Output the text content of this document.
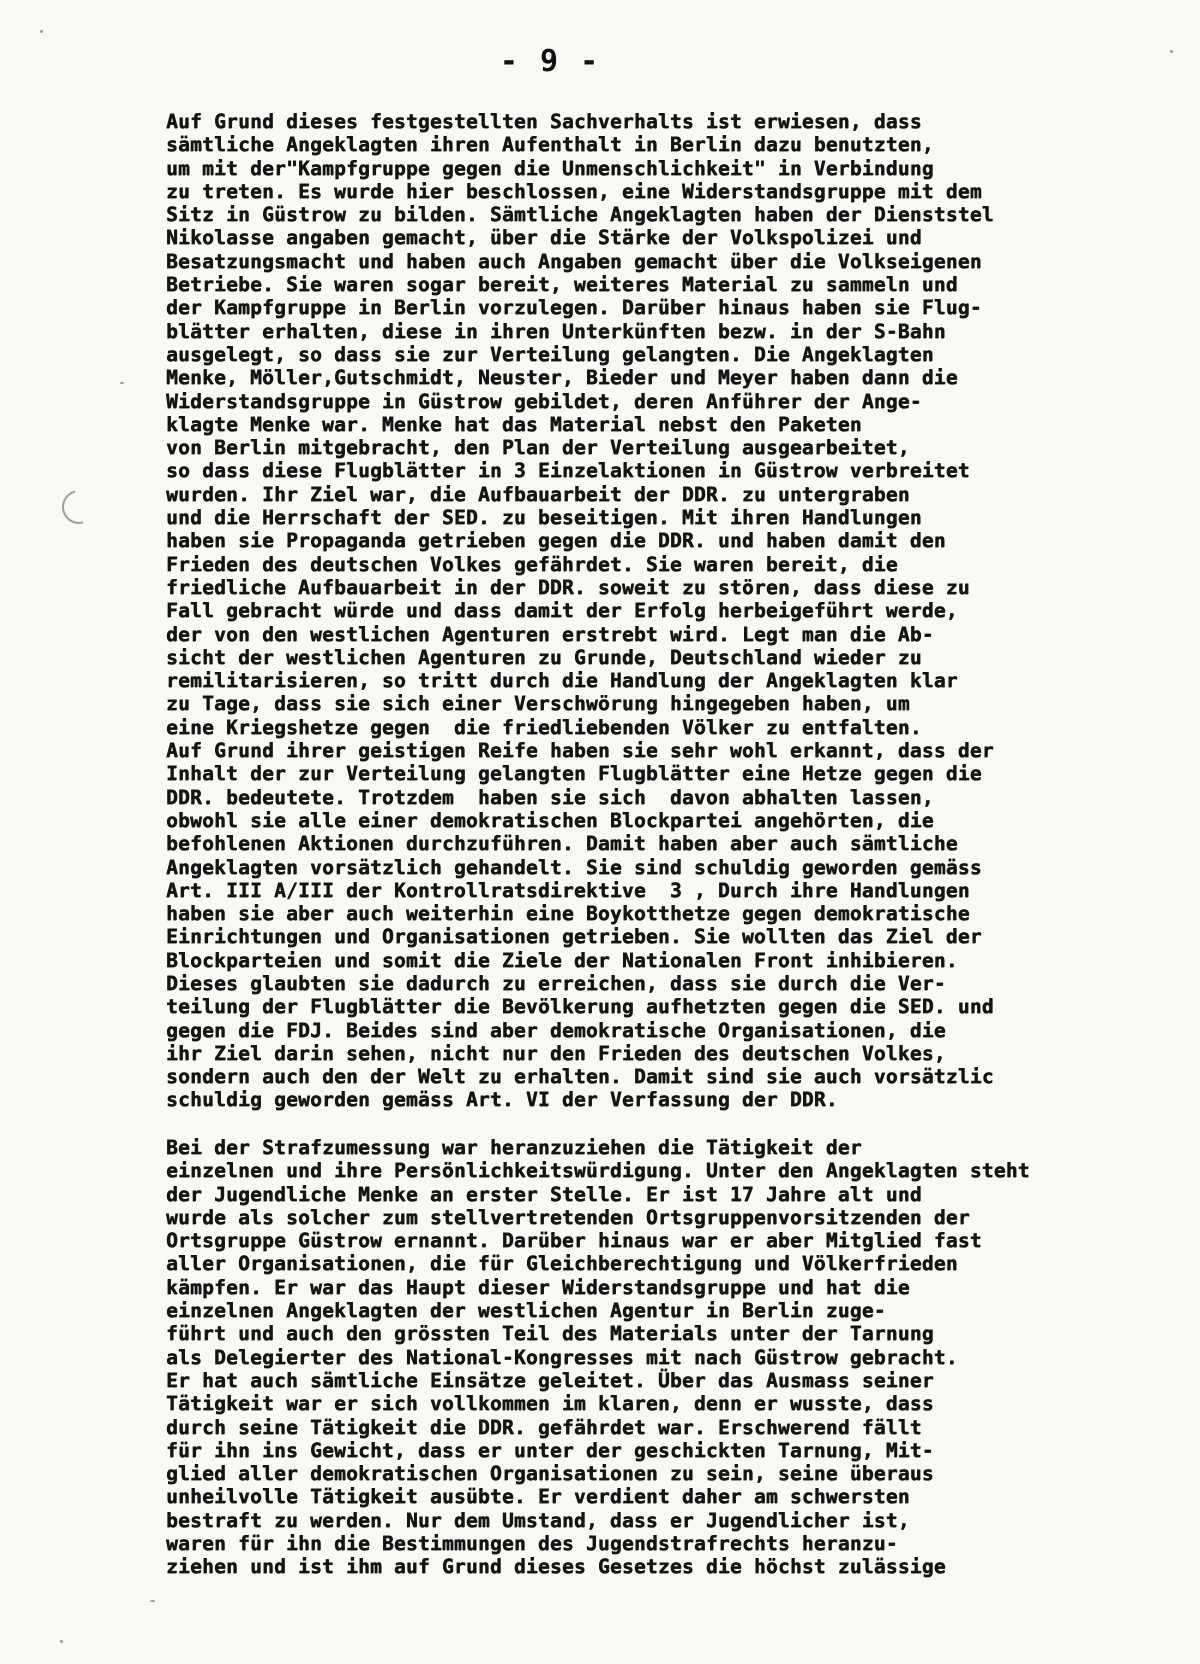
- 9 -
Auf Grund dieses festgestellten Sachverhalts ist erwiesen, dass
sämtliche Angeklagten ihren Aufenthalt in Berlin dazu benutzten,
um mit der"Kampfgruppe gegen die Unmenschlichkeit" in Verbindung
zu treten. Es wurde hier beschlossen, eine Widerstandsgruppe mit dem
Sitz in Güstrow zu bilden. Sämtliche Angeklagten haben der Dienststel
Nikolasse angaben gemacht, über die Stärke der Volkspolizei und
Besatzungsmacht und haben auch Angaben gemacht über die Volkseigenen
Betriebe. Sie waren sogar bereit, weiteres Material zu sammeln und
der Kampfgruppe in Berlin vorzulegen. Darüber hinaus haben sie Flug-
blätter erhalten, diese in ihren Unterkünften bezw. in der S-Bahn
ausgelegt, so dass sie zur Verteilung gelangten. Die Angeklagten
Menke, Möller,Gutschmidt, Neuster, Bieder und Meyer haben dann die
Widerstandsgruppe in Güstrow gebildet, deren Anführer der Ange-
klagte Menke war. Menke hat das Material nebst den Paketen
von Berlin mitgebracht, den Plan der Verteilung ausgearbeitet,
so dass diese Flugblätter in 3 Einzelaktionen in Güstrow verbreitet
wurden. Ihr Ziel war, die Aufbauarbeit der DDR. zu untergraben
und die Herrschaft der SED. zu beseitigen. Mit ihren Handlungen
haben sie Propaganda getrieben gegen die DDR. und haben damit den
Frieden des deutschen Volkes gefährdet. Sie waren bereit, die
friedliche Aufbauarbeit in der DDR. soweit zu stören, dass diese zu
Fall gebracht würde und dass damit der Erfolg herbeigeführt werde,
der von den westlichen Agenturen erstrebt wird. Legt man die Ab-
sicht der westlichen Agenturen zu Grunde, Deutschland wieder zu
remilitarisieren, so tritt durch die Handlung der Angeklagten klar
zu Tage, dass sie sich einer Verschwörung hingegeben haben, um
eine Kriegshetze gegen  die friedliebenden Völker zu entfalten.
Auf Grund ihrer geistigen Reife haben sie sehr wohl erkannt, dass der
Inhalt der zur Verteilung gelangten Flugblätter eine Hetze gegen die
DDR. bedeutete. Trotzdem  haben sie sich  davon abhalten lassen,
obwohl sie alle einer demokratischen Blockpartei angehörten, die
befohlenen Aktionen durchzuführen. Damit haben aber auch sämtliche
Angeklagten vorsätzlich gehandelt. Sie sind schuldig geworden gemäss
Art. III A/III der Kontrollratsdirektive  3 , Durch ihre Handlungen
haben sie aber auch weiterhin eine Boykotthetze gegen demokratische
Einrichtungen und Organisationen getrieben. Sie wollten das Ziel der
Blockparteien und somit die Ziele der Nationalen Front inhibieren.
Dieses glaubten sie dadurch zu erreichen, dass sie durch die Ver-
teilung der Flugblätter die Bevölkerung aufhetzten gegen die SED. und
gegen die FDJ. Beides sind aber demokratische Organisationen, die
ihr Ziel darin sehen, nicht nur den Frieden des deutschen Volkes,
sondern auch den der Welt zu erhalten. Damit sind sie auch vorsätzlic
schuldig geworden gemäss Art. VI der Verfassung der DDR.
Bei der Strafzumessung war heranzuziehen die Tätigkeit der
einzelnen und ihre Persönlichkeitswürdigung. Unter den Angeklagten steht
der Jugendliche Menke an erster Stelle. Er ist 17 Jahre alt und
wurde als solcher zum stellvertretenden Ortsgruppenvorsitzenden der
Ortsgruppe Güstrow ernannt. Darüber hinaus war er aber Mitglied fast
aller Organisationen, die für Gleichberechtigung und Völkerfrieden
kämpfen. Er war das Haupt dieser Widerstandsgruppe und hat die
einzelnen Angeklagten der westlichen Agentur in Berlin zuge-
führt und auch den grössten Teil des Materials unter der Tarnung
als Delegierter des National-Kongresses mit nach Güstrow gebracht.
Er hat auch sämtliche Einsätze geleitet. Über das Ausmass seiner
Tätigkeit war er sich vollkommen im klaren, denn er wusste, dass
durch seine Tätigkeit die DDR. gefährdet war. Erschwerend fällt
für ihn ins Gewicht, dass er unter der geschickten Tarnung, Mit-
glied aller demokratischen Organisationen zu sein, seine überaus
unheilvolle Tätigkeit ausübte. Er verdient daher am schwersten
bestraft zu werden. Nur dem Umstand, dass er Jugendlicher ist,
waren für ihn die Bestimmungen des Jugendstrafrechts heranzu-
ziehen und ist ihm auf Grund dieses Gesetzes die höchst zulässige
